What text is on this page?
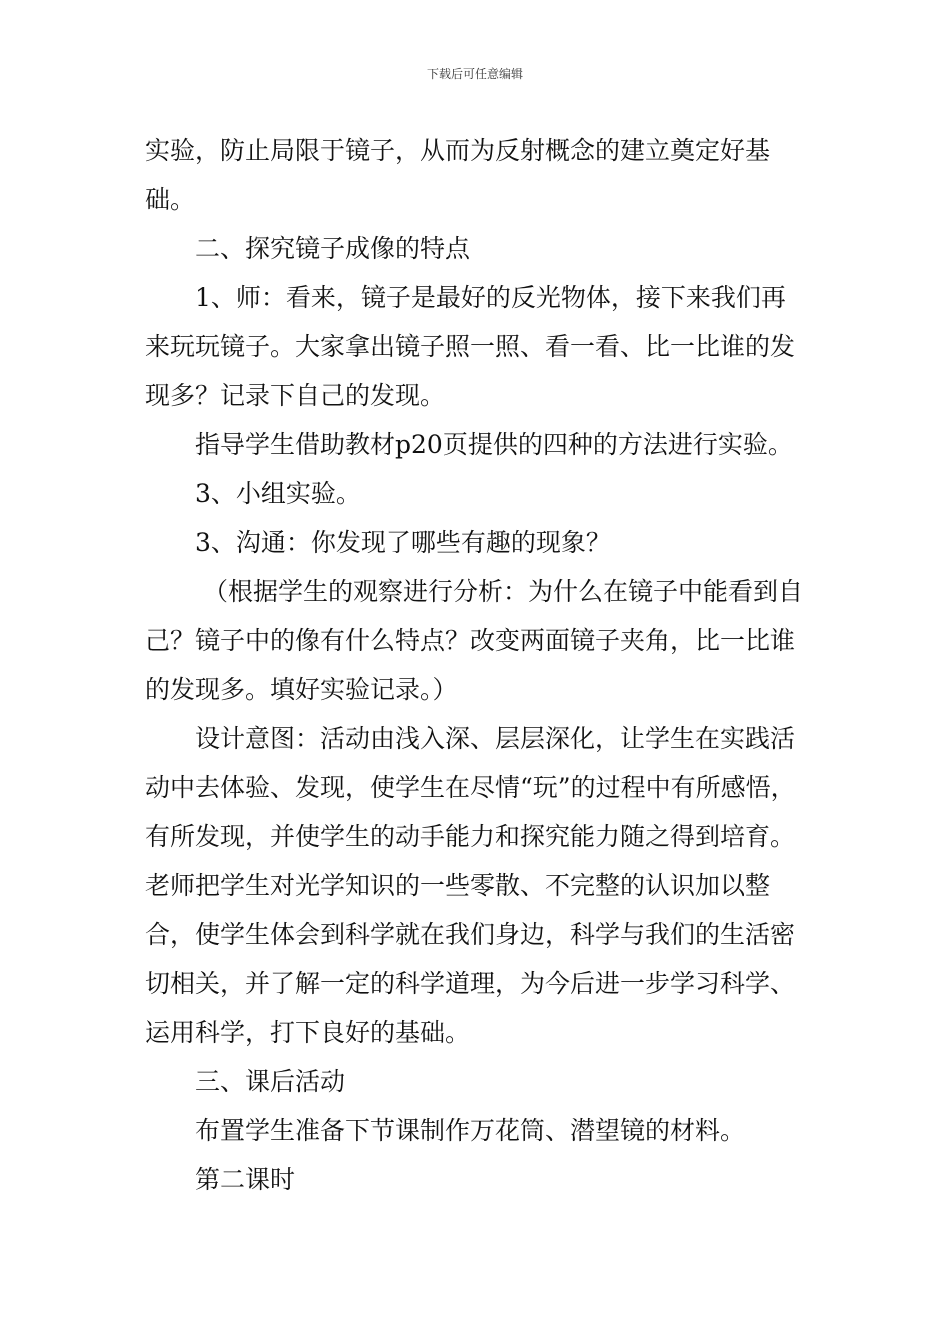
下载后可任意编辑

实验，防止局限于镜子，从而为反射概念的建立奠定好基础。

二、探究镜子成像的特点

1、师：看来，镜子是最好的反光物体，接下来我们再来玩玩镜子。大家拿出镜子照一照、看一看、比一比谁的发现多？记录下自己的发现。

指导学生借助教材p20页提供的四种的方法进行实验。

3、小组实验。

3、沟通：你发现了哪些有趣的现象？

（根据学生的观察进行分析：为什么在镜子中能看到自己？镜子中的像有什么特点？改变两面镜子夹角，比一比谁的发现多。填好实验记录。）

设计意图：活动由浅入深、层层深化，让学生在实践活动中去体验、发现，使学生在尽情“玩”的过程中有所感悟，有所发现，并使学生的动手能力和探究能力随之得到培育。老师把学生对光学知识的一些零散、不完整的认识加以整合，使学生体会到科学就在我们身边，科学与我们的生活密切相关，并了解一定的科学道理，为今后进一步学习科学、运用科学，打下良好的基础。

三、课后活动

布置学生准备下节课制作万花筒、潜望镜的材料。

第二课时
